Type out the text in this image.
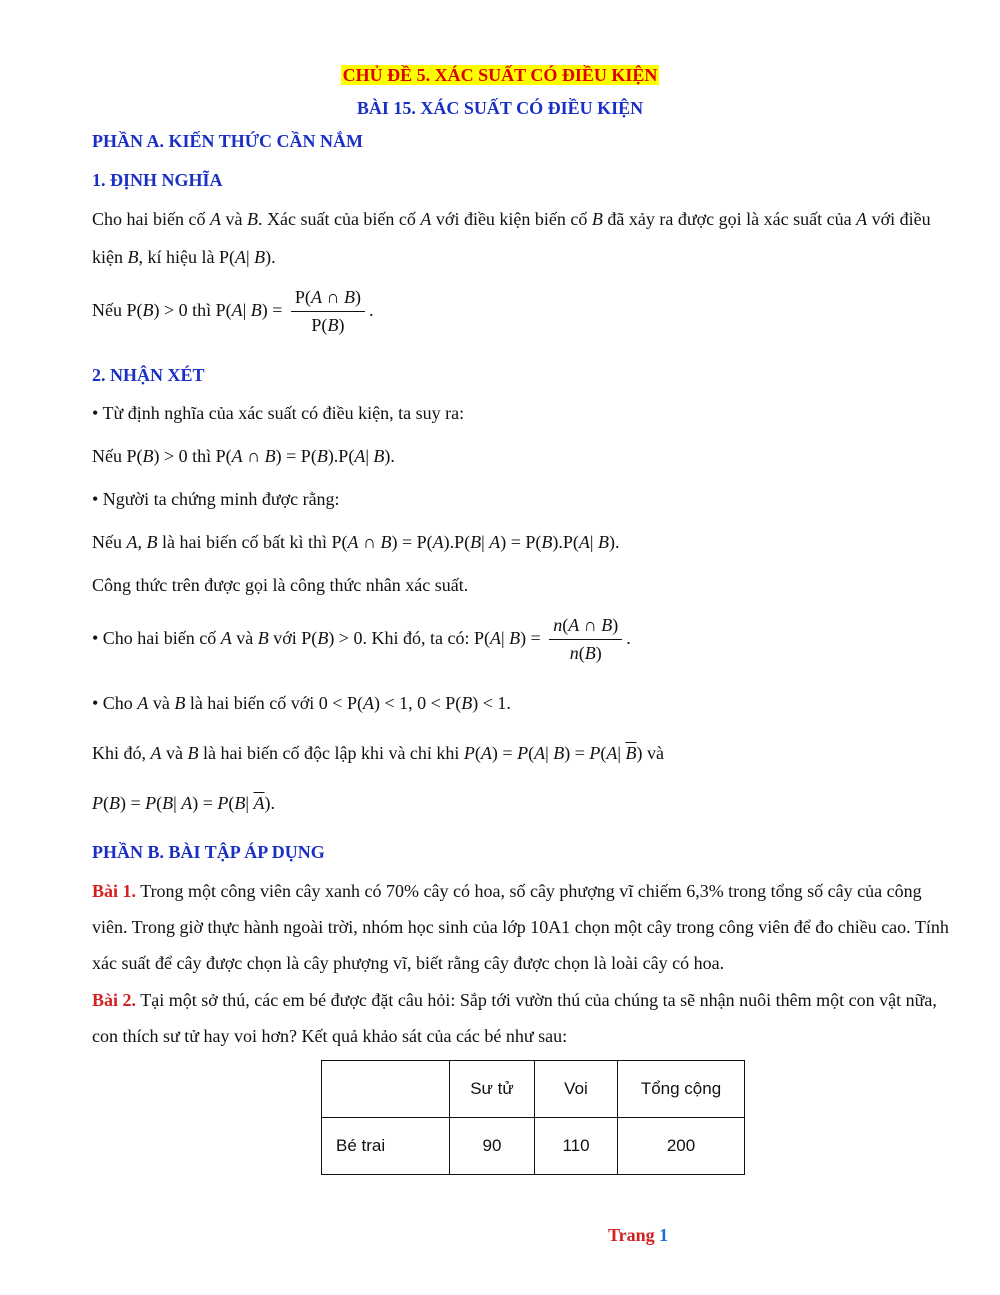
CHỦ ĐỀ 5. XÁC SUẤT CÓ ĐIỀU KIỆN
BÀI 15. XÁC SUẤT CÓ ĐIỀU KIỆN
PHẦN A. KIẾN THỨC CẦN NẮM
1. ĐỊNH NGHĨA
Cho hai biến cố A và B. Xác suất của biến cố A với điều kiện biến cố B đã xảy ra được gọi là xác suất của A với điều kiện B, kí hiệu là P(A| B).
Nếu P(B) > 0 thì P(A| $B) = \frac{P(A \cap B)}{P(B)}$ .
2. NHẬN XÉT
• Từ định nghĩa của xác suất có điều kiện, ta suy ra:
Nếu P(B) > 0 thì P(A ∩ B) = P(B).P(A| B).
• Người ta chứng minh được rằng:
Nếu A, B là hai biến cố bất kì thì P(A ∩ B) = P(A).P(B| A) = P(B).P(A| B).
Công thức trên được gọi là công thức nhân xác suất.
• Cho hai biến cố A và B với P(B) > 0. Khi đó, ta có: P(A| $B) = \frac{n(A \cap B)}{n(B)}$ .
• Cho A và B là hai biến cố với 0 < P(A) < 1, 0 < P(B) < 1.
Khi đó, A và B là hai biến cố độc lập khi và chỉ khi P(A) = P(A| B) = P(A| $\overline{B}$) và
P(B) = P(B| A) = P(B| $\overline{A}$).
PHẦN B. BÀI TẬP ÁP DỤNG
Bài 1. Trong một công viên cây xanh có 70% cây có hoa, số cây phượng vĩ chiếm 6,3% trong tổng số cây của công viên. Trong giờ thực hành ngoài trời, nhóm học sinh của lớp 10A1 chọn một cây trong công viên để đo chiều cao. Tính xác suất để cây được chọn là cây phượng vĩ, biết rằng cây được chọn là loài cây có hoa.
Bài 2. Tại một sở thú, các em bé được đặt câu hỏi: Sắp tới vườn thú của chúng ta sẽ nhận nuôi thêm một con vật nữa, con thích sư tử hay voi hơn? Kết quả khảo sát của các bé như sau:
	Sư tử	Voi	Tổng cộng
Bé trai	90	110	200
Trang 1
